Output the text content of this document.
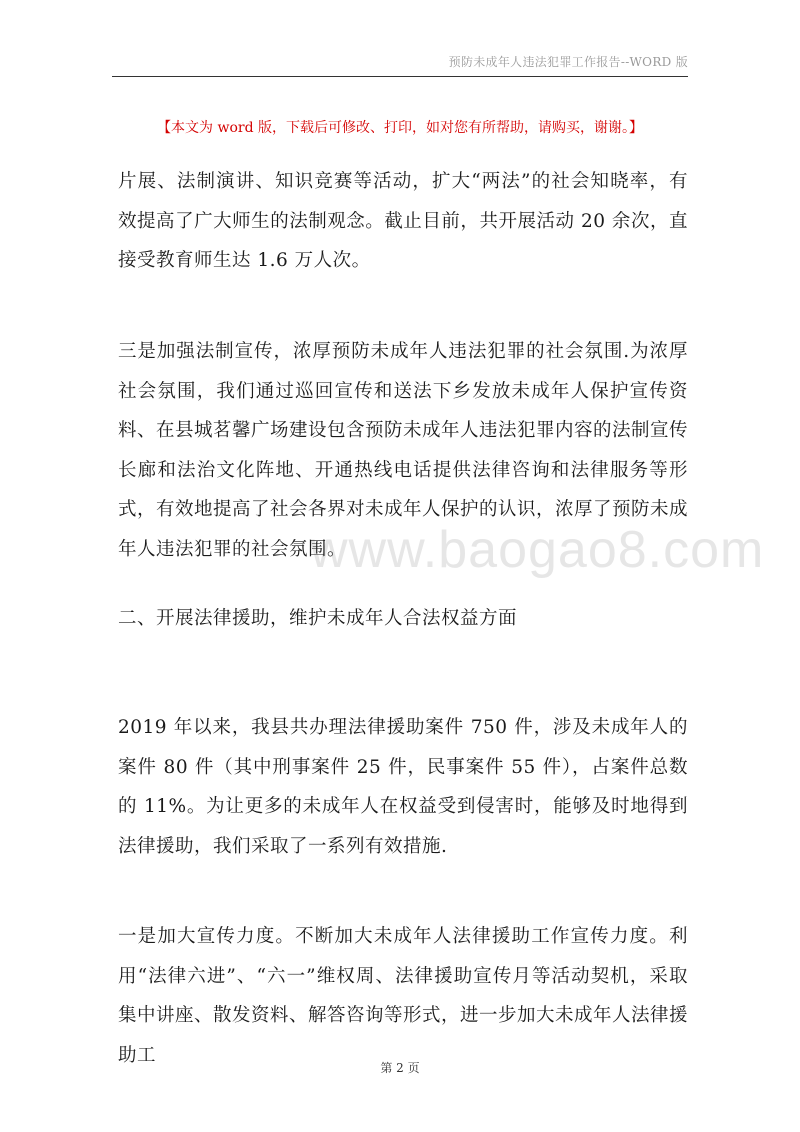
预防未成年人违法犯罪工作报告--WORD 版
【本文为 word 版，下载后可修改、打印，如对您有所帮助，请购买，谢谢。】
www.baogao8.com

片展、法制演讲、知识竞赛等活动，扩大“两法”的社会知晓率，有效提高了广大师生的法制观念。截止目前，共开展活动 20 余次，直接受教育师生达 1.6 万人次。

三是加强法制宣传，浓厚预防未成年人违法犯罪的社会氛围.为浓厚社会氛围，我们通过巡回宣传和送法下乡发放未成年人保护宣传资料、在县城茗馨广场建设包含预防未成年人违法犯罪内容的法制宣传长廊和法治文化阵地、开通热线电话提供法律咨询和法律服务等形式，有效地提高了社会各界对未成年人保护的认识，浓厚了预防未成年人违法犯罪的社会氛围。

二、开展法律援助，维护未成年人合法权益方面

2019 年以来，我县共办理法律援助案件 750 件，涉及未成年人的案件 80 件（其中刑事案件 25 件，民事案件 55 件），占案件总数的 11%。为让更多的未成年人在权益受到侵害时，能够及时地得到法律援助，我们采取了一系列有效措施.

一是加大宣传力度。不断加大未成年人法律援助工作宣传力度。利用“法律六进”、“六一”维权周、法律援助宣传月等活动契机，采取集中讲座、散发资料、解答咨询等形式，进一步加大未成年人法律援助工

第 2 页
